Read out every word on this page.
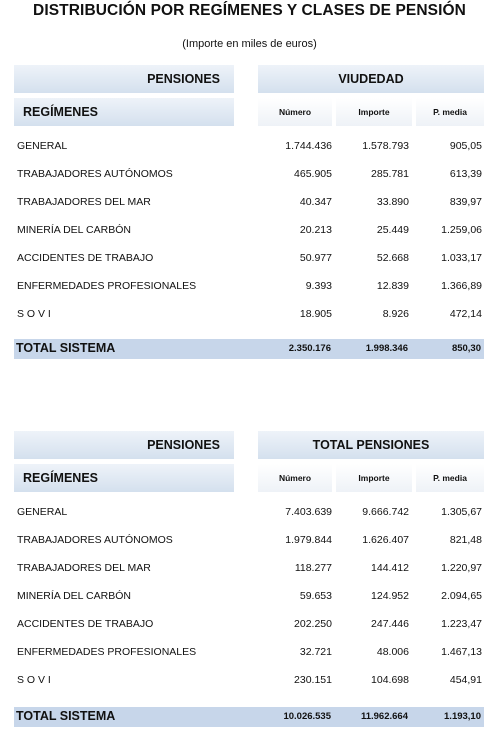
DISTRIBUCIÓN POR REGÍMENES Y CLASES DE PENSIÓN
(Importe en miles de euros)
PENSIONES	VIUDEDAD
REGÍMENES	Número	Importe	P. media
GENERAL	1.744.436	1.578.793	905,05
TRABAJADORES AUTÓNOMOS	465.905	285.781	613,39
TRABAJADORES DEL MAR	40.347	33.890	839,97
MINERÍA DEL CARBÓN	20.213	25.449	1.259,06
ACCIDENTES DE TRABAJO	50.977	52.668	1.033,17
ENFERMEDADES PROFESIONALES	9.393	12.839	1.366,89
S O V I	18.905	8.926	472,14
TOTAL SISTEMA	2.350.176	1.998.346	850,30
PENSIONES	TOTAL PENSIONES
REGÍMENES	Número	Importe	P. media
GENERAL	7.403.639	9.666.742	1.305,67
TRABAJADORES AUTÓNOMOS	1.979.844	1.626.407	821,48
TRABAJADORES DEL MAR	118.277	144.412	1.220,97
MINERÍA DEL CARBÓN	59.653	124.952	2.094,65
ACCIDENTES DE TRABAJO	202.250	247.446	1.223,47
ENFERMEDADES PROFESIONALES	32.721	48.006	1.467,13
S O V I	230.151	104.698	454,91
TOTAL SISTEMA	10.026.535	11.962.664	1.193,10
